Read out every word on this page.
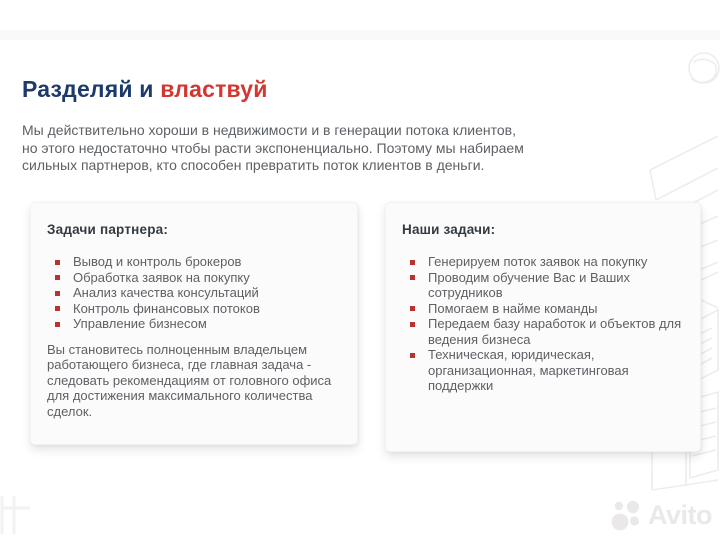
Разделяй и властвуй
Мы действительно хороши в недвижимости и в генерации потока клиентов,
но этого недостаточно чтобы расти экспоненциально. Поэтому мы набираем
сильных партнеров, кто способен превратить поток клиентов в деньги.
Задачи партнера:
Вывод и контроль брокеров
Обработка заявок на покупку
Анализ качества консультаций
Контроль финансовых потоков
Управление бизнесом

Вы становитесь полноценным владельцем
работающего бизнеса, где главная задача -
следовать рекомендациям от головного офиса
для достижения максимального количества
сделок.

Наши задачи:
Генерируем поток заявок на покупку
Проводим обучение Вас и Ваших
сотрудников
Помогаем в найме команды
Передаем базу наработок и объектов для
ведения бизнеса
Техническая, юридическая,
организационная, маркетинговая
поддержки
Avito
